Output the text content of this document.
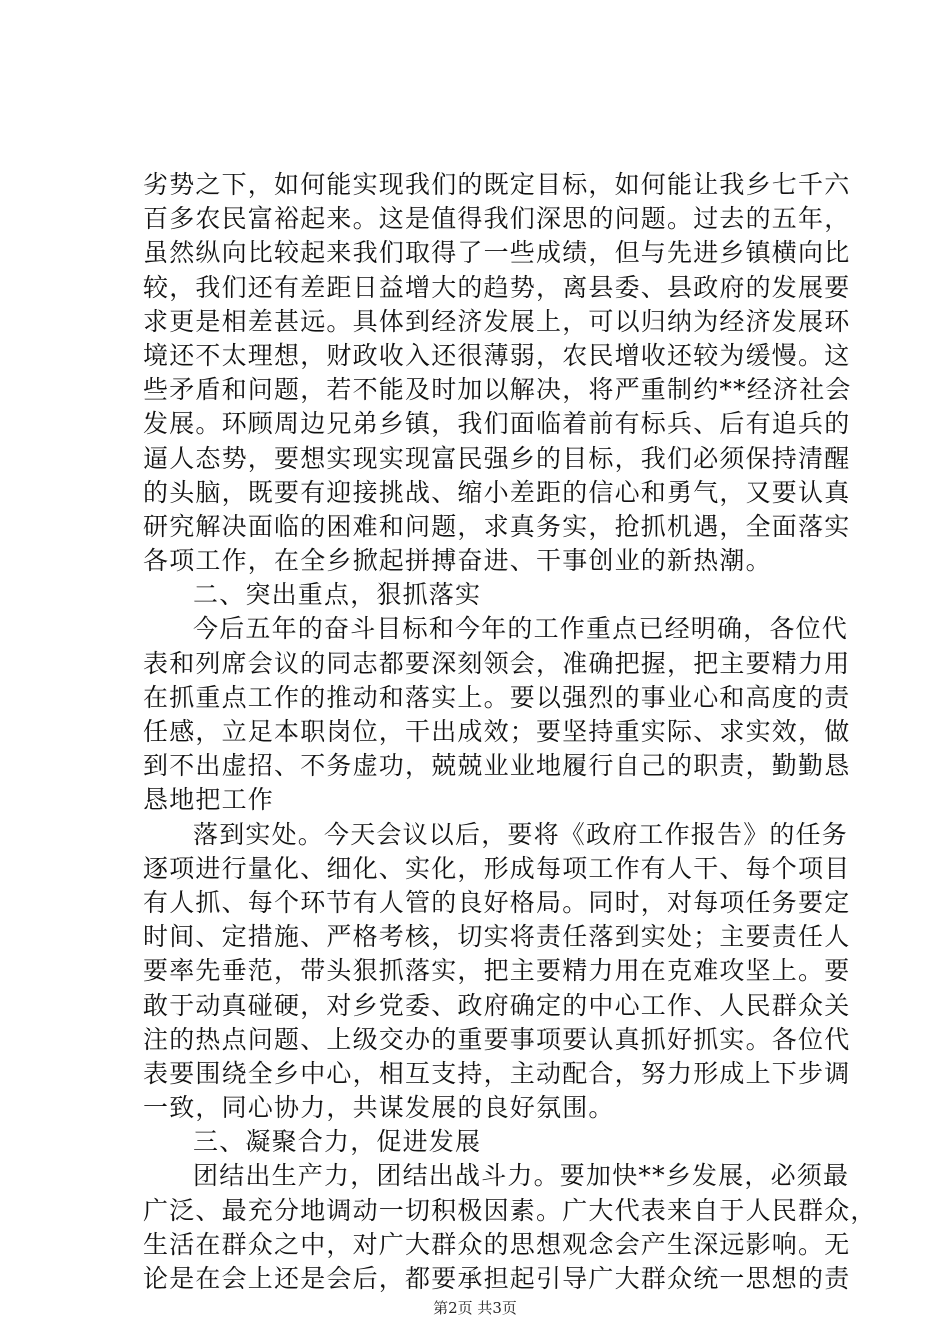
劣势之下，如何能实现我们的既定目标，如何能让我乡七千六
百多农民富裕起来。这是值得我们深思的问题。过去的五年，
虽然纵向比较起来我们取得了一些成绩，但与先进乡镇横向比
较，我们还有差距日益增大的趋势，离县委、县政府的发展要
求更是相差甚远。具体到经济发展上，可以归纳为经济发展环
境还不太理想，财政收入还很薄弱，农民增收还较为缓慢。这
些矛盾和问题，若不能及时加以解决，将严重制约**经济社会
发展。环顾周边兄弟乡镇，我们面临着前有标兵、后有追兵的
逼人态势，要想实现实现富民强乡的目标，我们必须保持清醒
的头脑，既要有迎接挑战、缩小差距的信心和勇气，又要认真
研究解决面临的困难和问题，求真务实，抢抓机遇，全面落实
各项工作，在全乡掀起拼搏奋进、干事创业的新热潮。
二、突出重点，狠抓落实
今后五年的奋斗目标和今年的工作重点已经明确，各位代
表和列席会议的同志都要深刻领会，准确把握，把主要精力用
在抓重点工作的推动和落实上。要以强烈的事业心和高度的责
任感，立足本职岗位，干出成效；要坚持重实际、求实效，做
到不出虚招、不务虚功，兢兢业业地履行自己的职责，勤勤恳
恳地把工作
落到实处。今天会议以后，要将《政府工作报告》的任务
逐项进行量化、细化、实化，形成每项工作有人干、每个项目
有人抓、每个环节有人管的良好格局。同时，对每项任务要定
时间、定措施、严格考核，切实将责任落到实处；主要责任人
要率先垂范，带头狠抓落实，把主要精力用在克难攻坚上。要
敢于动真碰硬，对乡党委、政府确定的中心工作、人民群众关
注的热点问题、上级交办的重要事项要认真抓好抓实。各位代
表要围绕全乡中心，相互支持，主动配合，努力形成上下步调
一致，同心协力，共谋发展的良好氛围。
三、凝聚合力，促进发展
团结出生产力，团结出战斗力。要加快**乡发展，必须最
广泛、最充分地调动一切积极因素。广大代表来自于人民群众，
生活在群众之中，对广大群众的思想观念会产生深远影响。无
论是在会上还是会后，都要承担起引导广大群众统一思想的责
第2页 共3页
